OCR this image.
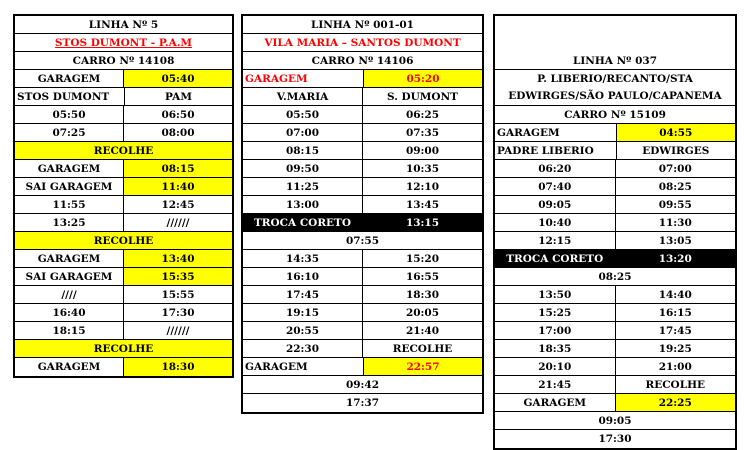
LINHA Nº 5
STOS DUMONT - P.A.M
CARRO Nº 14108
GARAGEM	05:40
STOS DUMONT	PAM
05:50	06:50
07:25	08:00
RECOLHE
GARAGEM	08:15
SAI GARAGEM	11:40
11:55	12:45
13:25	//////
RECOLHE
GARAGEM	13:40
SAI GARAGEM	15:35
////	15:55
16:40	17:30
18:15	//////
RECOLHE
GARAGEM	18:30
LINHA Nº 001-01
VILA MARIA – SANTOS DUMONT
CARRO Nº 14106
GARAGEM	05:20
V.MARIA	S. DUMONT
05:50	06:25
07:00	07:35
08:15	09:00
09:50	10:35
11:25	12:10
13:00	13:45
TROCA CORETO	13:15
07:55
14:35	15:20
16:10	16:55
17:45	18:30
19:15	20:05
20:55	21:40
22:30	RECOLHE
GARAGEM	22:57
09:42
17:37
LINHA Nº 037
P. LIBERIO/RECANTO/STA
EDWIRGES/SÃO PAULO/CAPANEMA
CARRO Nº 15109
GARAGEM	04:55
PADRE LIBERIO	EDWIRGES
06:20	07:00
07:40	08:25
09:05	09:55
10:40	11:30
12:15	13:05
TROCA CORETO	13:20
08:25
13:50	14:40
15:25	16:15
17:00	17:45
18:35	19:25
20:10	21:00
21:45	RECOLHE
GARAGEM	22:25
09:05
17:30
